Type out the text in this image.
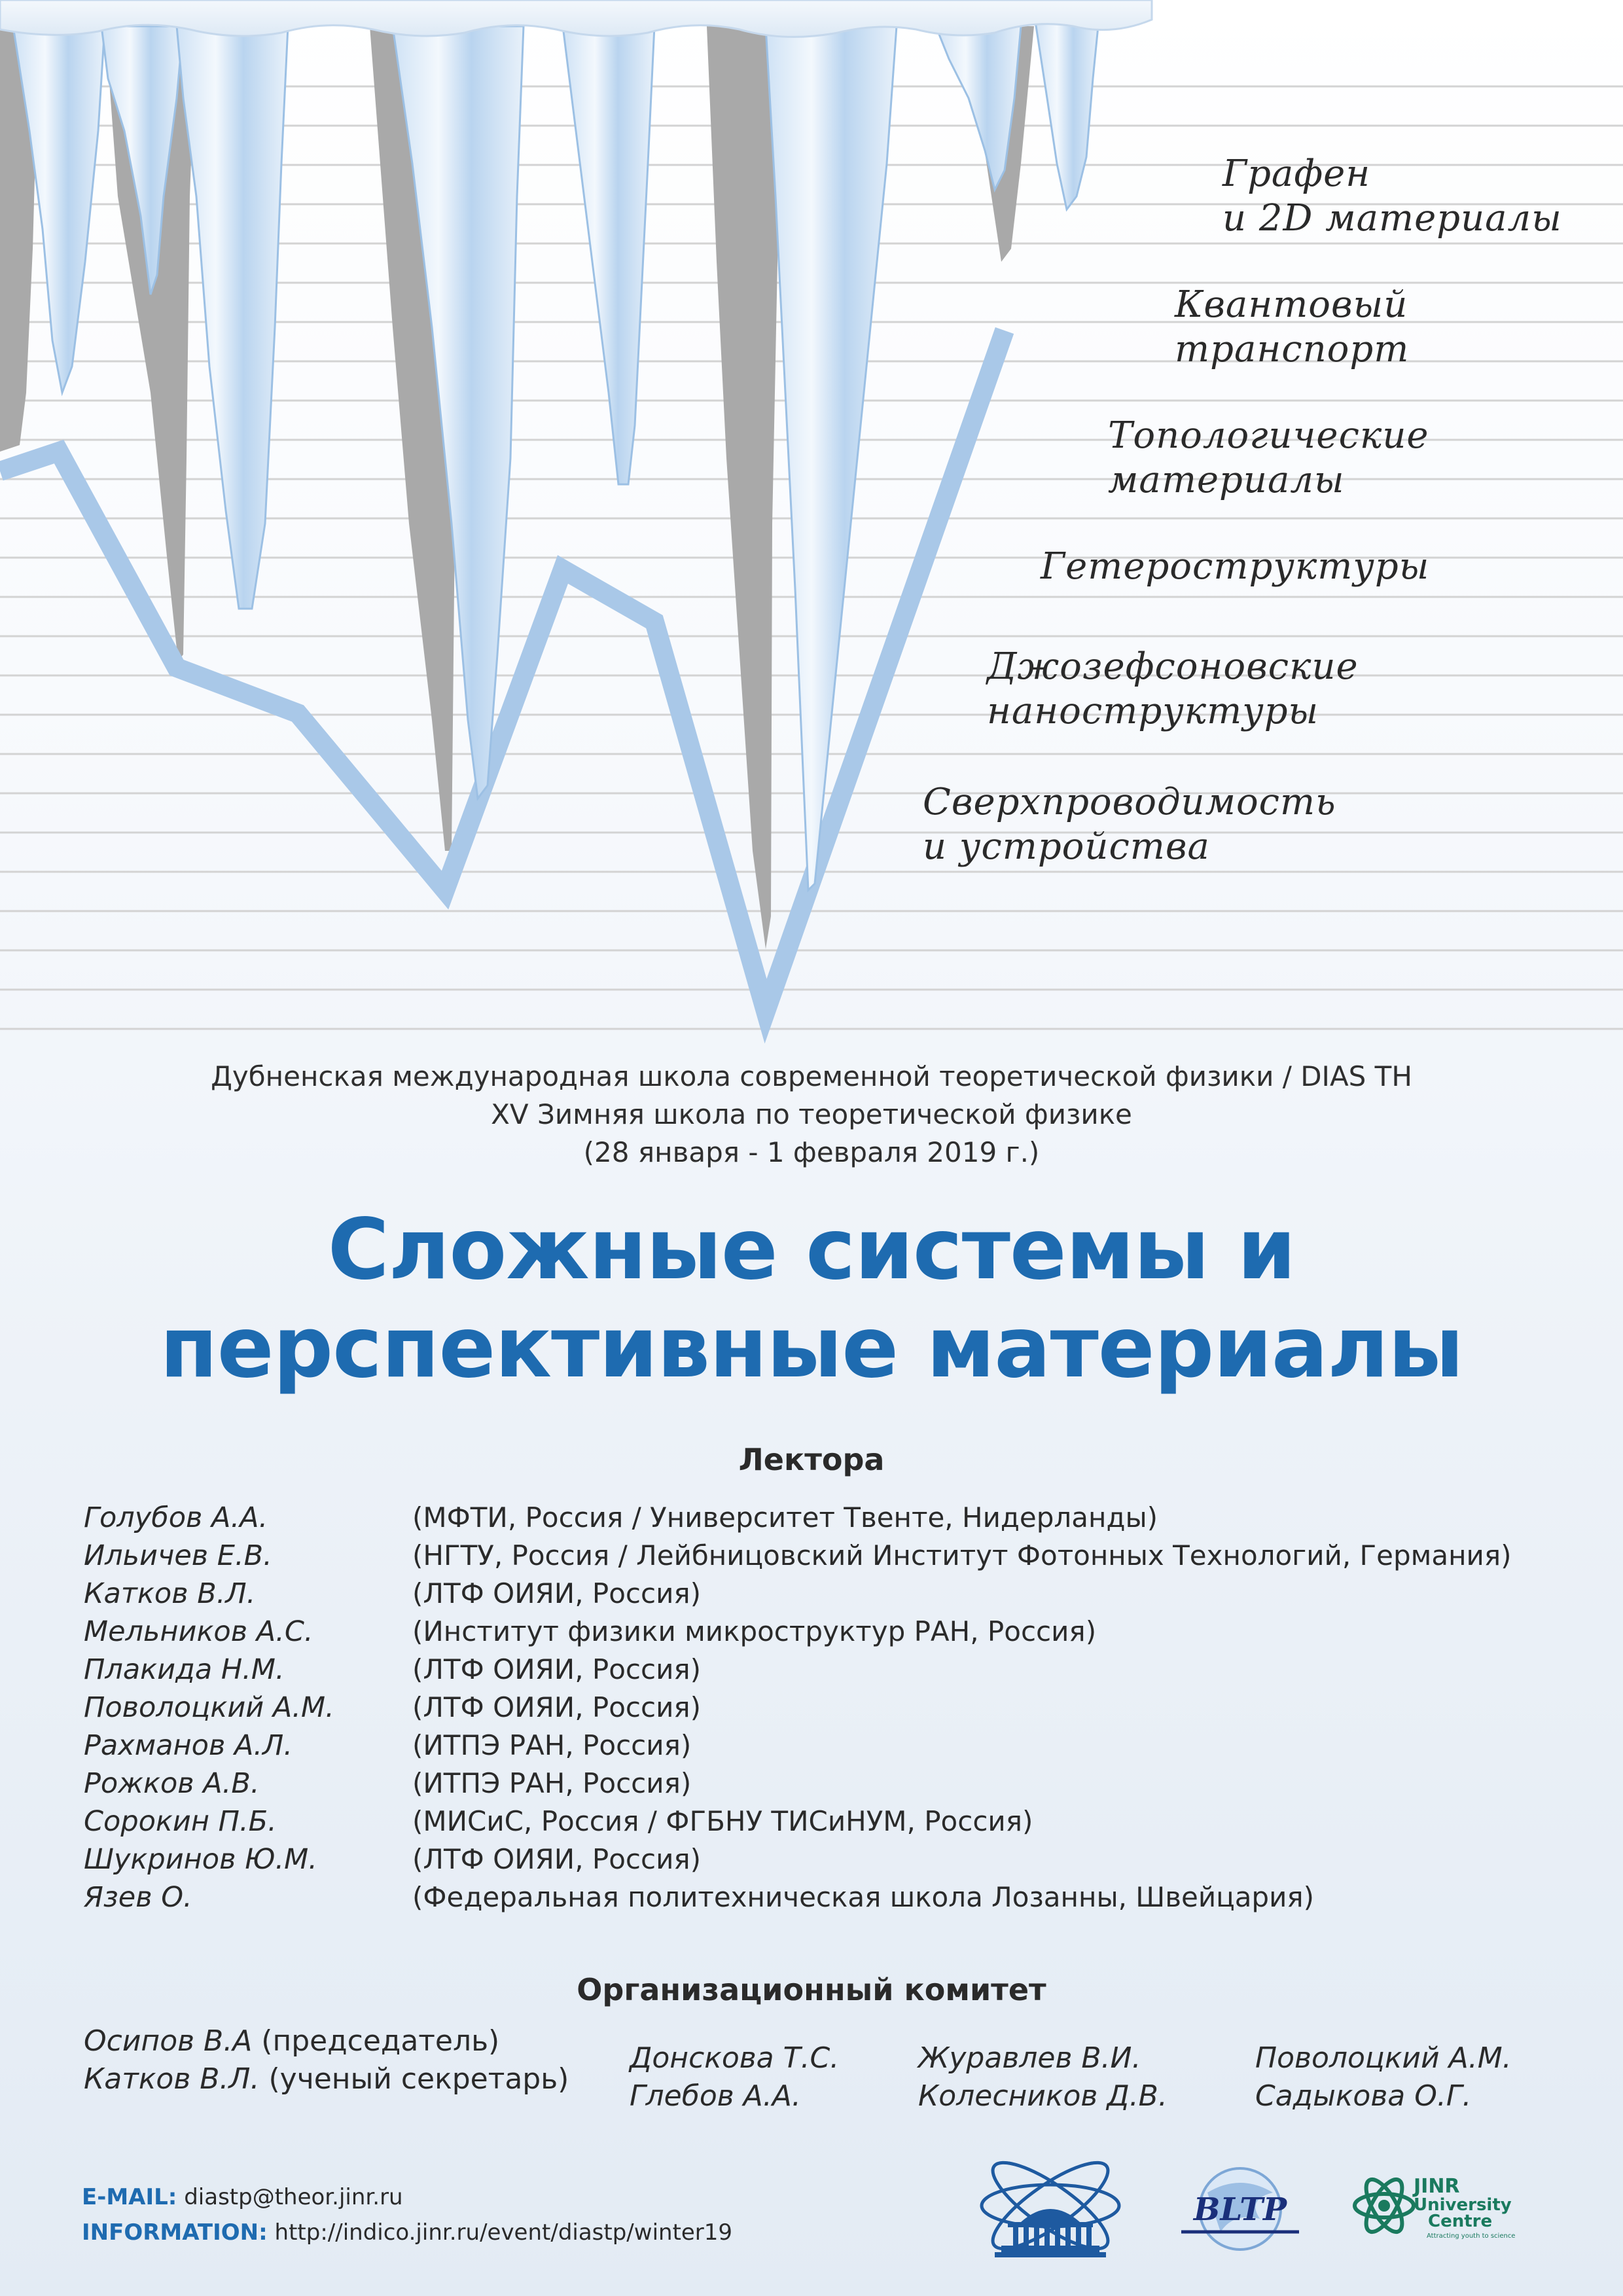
Графен
и 2D материалы
Квантовый
транспорт
Топологические
материалы
Гетероструктуры
Джозефсоновские
наноструктуры
Сверхпроводимость
и устройства
Дубненская международная школа современной теоретической физики / DIAS TH
XV Зимняя школа по теоретической физике
(28 января - 1 февраля 2019 г.)
Сложные системы и
перспективные материалы
Лектора
Голубов А.А.	(МФТИ, Россия / Университет Твенте, Нидерланды)
Ильичев Е.В.	(НГТУ, Россия / Лейбницовский Институт Фотонных Технологий, Германия)
Катков В.Л.	(ЛТФ ОИЯИ, Россия)
Мельников А.С.	(Институт физики микроструктур РАН, Россия)
Плакида Н.М.	(ЛТФ ОИЯИ, Россия)
Поволоцкий А.М.	(ЛТФ ОИЯИ, Россия)
Рахманов А.Л.	(ИТПЭ РАН, Россия)
Рожков А.В.	(ИТПЭ РАН, Россия)
Сорокин П.Б.	(МИСиС, Россия / ФГБНУ ТИСиНУМ, Россия)
Шукринов Ю.М.	(ЛТФ ОИЯИ, Россия)
Язев О.	(Федеральная политехническая школа Лозанны, Швейцария)
Организационный комитет
Осипов В.А (председатель)
Катков В.Л. (ученый секретарь)
Донскова Т.С.
Глебов А.А.
Журавлев В.И.
Колесников Д.В.
Поволоцкий А.М.
Садыкова О.Г.
E-MAIL: diastp@theor.jinr.ru
INFORMATION: http://indico.jinr.ru/event/diastp/winter19
BLTP
JINR
University
Centre
Attracting youth to science
